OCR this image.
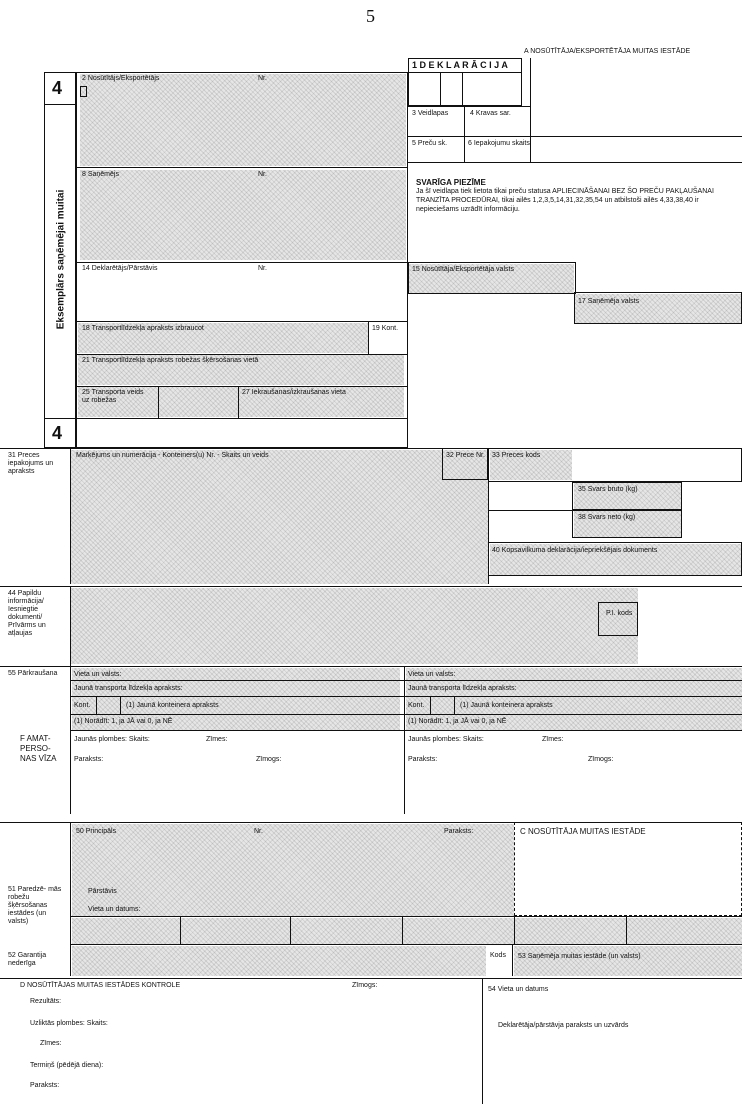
5
A NOSŪTĪTĀJA/EKSPORTĒTĀJA MUITAS IESTĀDE
4
4
Eksemplārs saņēmējai muitai
2 Nosūtītājs/Eksportētājs	Nr.
8 Saņēmējs	Nr.
14 Deklarētājs/Pārstāvis	Nr.
18 Transportlīdzekļa apraksts izbraucot	19 Kont.
21 Transportlīdzekļa apraksts robežas šķērsošanas vietā
25 Transporta veids uz robežas
27 Iekraušanas/izkraušanas vieta
1 D E K L A R Ā C I J A
3 Veidlapas	4 Kravas sar.
5 Preču sk.	6 Iepakojumu skaits
SVARĪGA PIEZĪME
Ja šī veidlapa tiek lietota tikai preču statusa APLIECINĀŠANAI BEZ ŠO PREČU PAKĻAUŠANAI TRANZĪTA PROCEDŪRAI, tikai ailēs 1,2,3,5,14,31,32,35,54 un atbilstoši ailēs 4,33,38,40 ir nepieciešams uzrādīt informāciju.
15 Nosūtītāja/Eksportētāja valsts
17 Saņēmēja valsts
31 Preces iepakojums un apraksts
Marķējums un numerācija - Konteiners(u) Nr. - Skaits un veids	32 Prece Nr. 33 Preces kods
35 Svars bruto (kg)
38 Svars neto (kg)
40 Kopsavilkuma deklarācija/iepriekšējais dokuments
44 Papildu informācija/ Iesniegtie dokumenti/ Prīvārms un atļaujas
P.I. kods
55 Pārkraušana Vieta un valsts:
Jaunā transporta līdzekļa apraksts:
Kont.	(1) Jaunā konteinera apraksts
(1) Norādīt: 1, ja JĀ vai 0, ja NĒ
Vieta un valsts:
Jaunā transporta līdzekļa apraksts:
Kont.	(1) Jaunā konteinera apraksts
(1) Norādīt: 1, ja JĀ vai 0, ja NĒ
F AMAT- PERSO- NAS VĪZA
Jaunās plombes: Skaits:	Zīmes:
Paraksts:	Zīmogs:
Jaunās plombes: Skaits:	Zīmes:
Paraksts:	Zīmogs:
50 Principāls	Nr.	Paraksts:
Pārstāvis
Vieta un datums:
C NOSŪTĪTĀJA MUITAS IESTĀDE
51 Paredzē- mās robežu šķērsošanas iestādes (un valsts)
52 Garantija nederīga
Kods 53 Saņēmēja muitas iestāde (un valsts)
D NOSŪTĪTĀJAS MUITAS IESTĀDES KONTROLE	Zīmogs:
Rezultāts:
Uzliktās plombes: Skaits:
Zīmes:
Termiņš (pēdējā diena):
Paraksts:
54 Vieta un datums
Deklarētāja/pārstāvja paraksts un uzvārds
